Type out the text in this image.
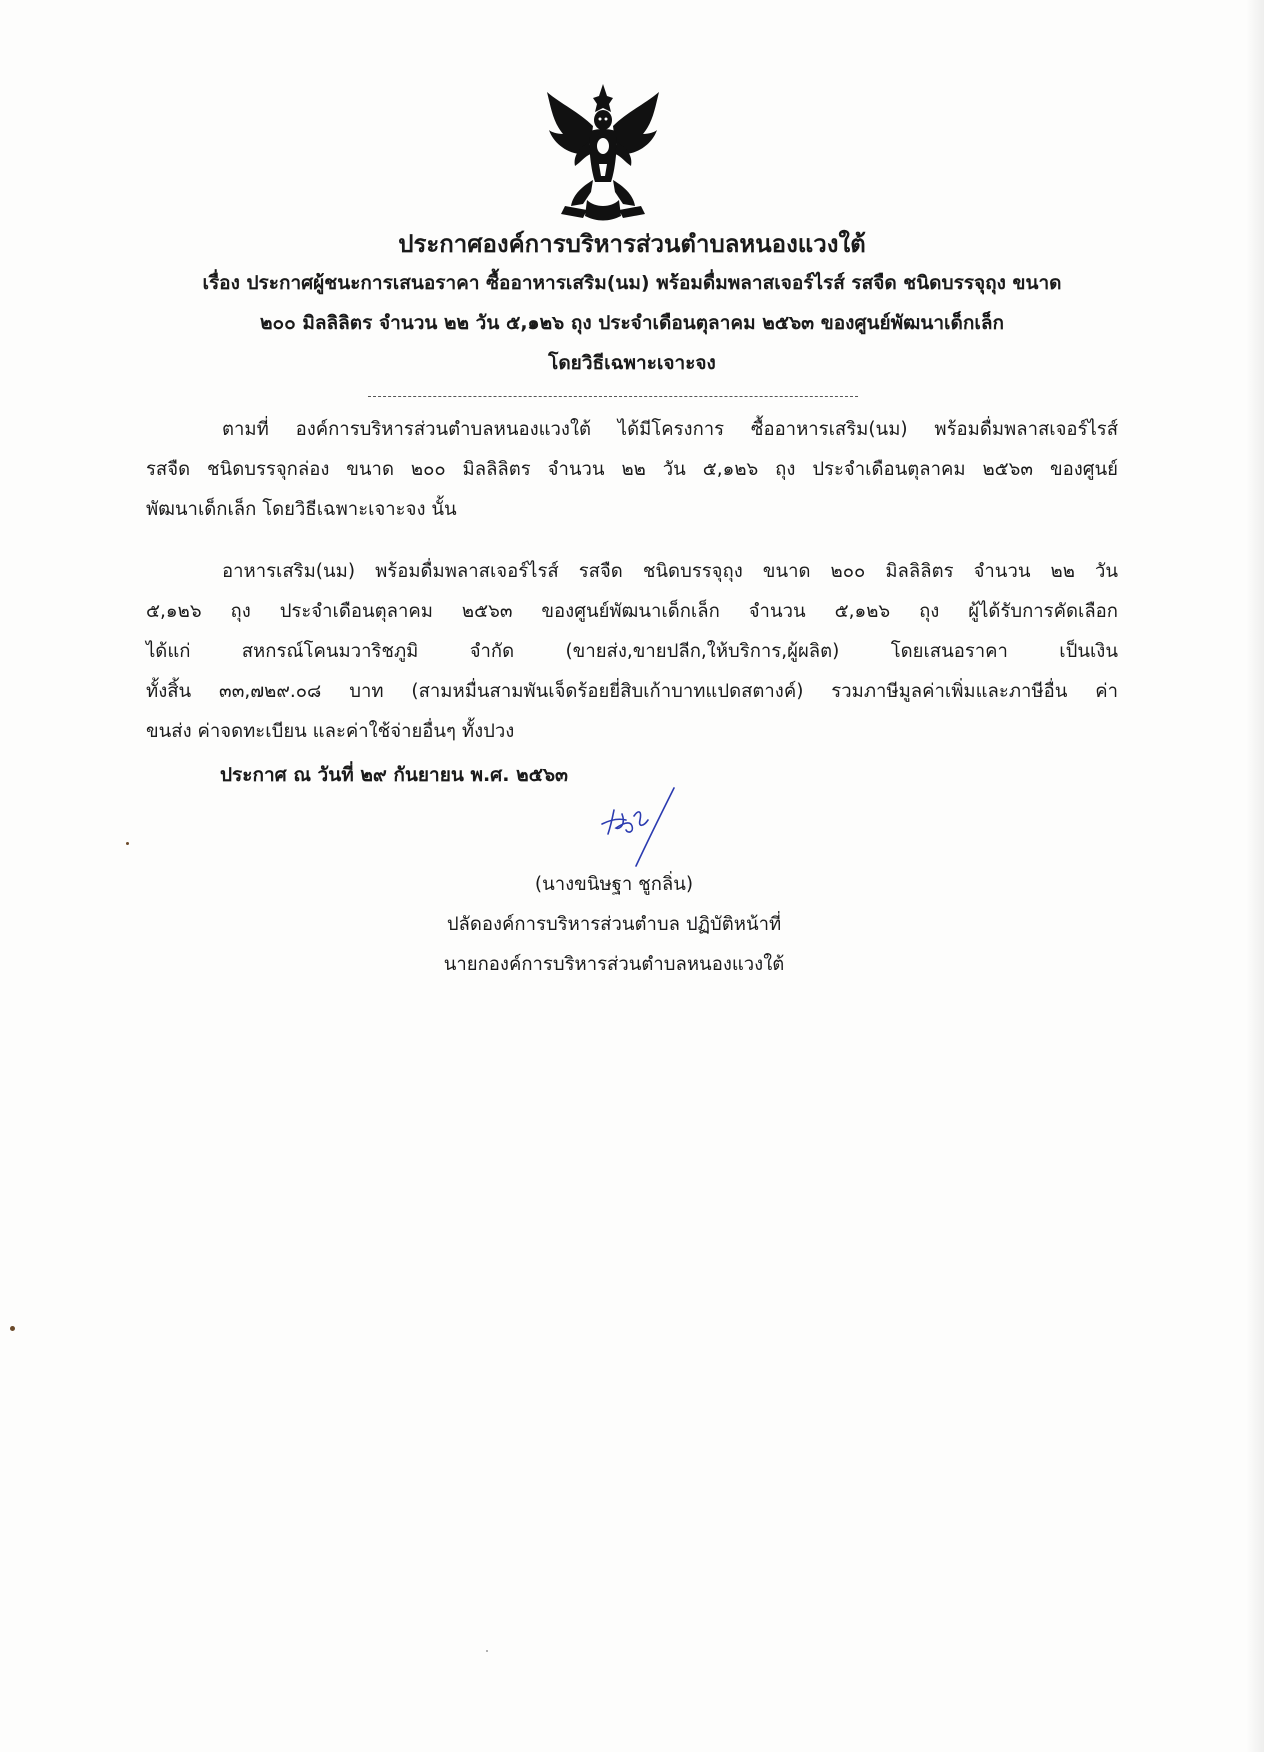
ประกาศองค์การบริหารส่วนตำบลหนองแวงใต้
เรื่อง ประกาศผู้ชนะการเสนอราคา ซื้ออาหารเสริม(นม) พร้อมดื่มพลาสเจอร์ไรส์ รสจืด ชนิดบรรจุถุง ขนาด
๒๐๐ มิลลิลิตร จำนวน ๒๒ วัน ๕,๑๒๖ ถุง ประจำเดือนตุลาคม ๒๕๖๓ ของศูนย์พัฒนาเด็กเล็ก
โดยวิธีเฉพาะเจาะจง
ตามที่ องค์การบริหารส่วนตำบลหนองแวงใต้ ได้มีโครงการ ซื้ออาหารเสริม(นม) พร้อมดื่มพลาสเจอร์ไรส์
รสจืด ชนิดบรรจุกล่อง ขนาด ๒๐๐ มิลลิลิตร จำนวน ๒๒ วัน ๕,๑๒๖ ถุง ประจำเดือนตุลาคม ๒๕๖๓ ของศูนย์
พัฒนาเด็กเล็ก โดยวิธีเฉพาะเจาะจง นั้น
อาหารเสริม(นม) พร้อมดื่มพลาสเจอร์ไรส์ รสจืด ชนิดบรรจุถุง ขนาด ๒๐๐ มิลลิลิตร จำนวน ๒๒ วัน
๕,๑๒๖ ถุง ประจำเดือนตุลาคม ๒๕๖๓ ของศูนย์พัฒนาเด็กเล็ก จำนวน ๕,๑๒๖ ถุง ผู้ได้รับการคัดเลือก
ได้แก่ สหกรณ์โคนมวาริชภูมิ จำกัด (ขายส่ง,ขายปลีก,ให้บริการ,ผู้ผลิต) โดยเสนอราคา เป็นเงิน
ทั้งสิ้น ๓๓,๗๒๙.๐๘ บาท (สามหมื่นสามพันเจ็ดร้อยยี่สิบเก้าบาทแปดสตางค์) รวมภาษีมูลค่าเพิ่มและภาษีอื่น ค่า
ขนส่ง ค่าจดทะเบียน และค่าใช้จ่ายอื่นๆ ทั้งปวง
ประกาศ ณ วันที่ ๒๙ กันยายน พ.ศ. ๒๕๖๓
(นางขนิษฐา ชูกลิ่น)
ปลัดองค์การบริหารส่วนตำบล ปฏิบัติหน้าที่
นายกองค์การบริหารส่วนตำบลหนองแวงใต้
